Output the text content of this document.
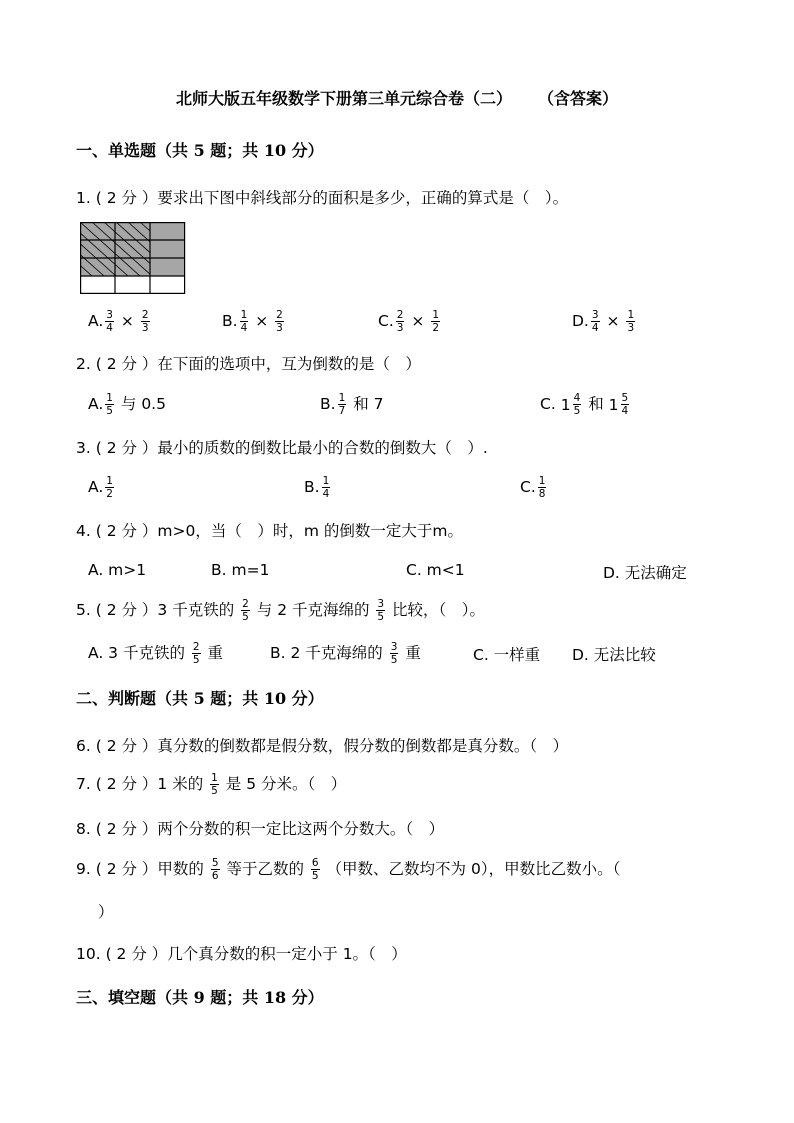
北师大版五年级数学下册第三单元综合卷（二） （含答案）
一、单选题（共 5 题；共 10 分）
1. ( 2 分 ）要求出下图中斜线部分的面积是多少，正确的算式是（　）。
A. $\frac{3}{4} \times \frac{2}{3}$	B. $\frac{1}{4} \times \frac{2}{3}$	C. $\frac{2}{3} \times \frac{1}{2}$	D. $\frac{3}{4} \times \frac{1}{3}$
2. ( 2 分 ）在下面的选项中，互为倒数的是（　）
A. $\frac{1}{5}$ 与 0.5	B. $\frac{1}{7}$ 和 7	C. $1 \frac{4}{5}$ 和 $1 \frac{5}{4}$
3. ( 2 分 ）最小的质数的倒数比最小的合数的倒数大（　）.
A. $\frac{1}{2}$	B. $\frac{1}{4}$	C. $\frac{1}{8}$
4. ( 2 分 ）m>0，当（　）时，m 的倒数一定大于m。
A. m>1	B. m=1	C. m<1	D. 无法确定
5. ( 2 分 ）3 千克铁的 $\frac{2}{5}$ 与 2 千克海绵的 $\frac{3}{5}$ 比较，（　）。
A. 3 千克铁的 $\frac{2}{5}$ 重	B. 2 千克海绵的 $\frac{3}{5}$ 重	C. 一样重 D. 无法比较
二、判断题（共 5 题；共 10 分）
6. ( 2 分 ）真分数的倒数都是假分数，假分数的倒数都是真分数。（　）
7. ( 2 分 ）1 米的 $\frac{1}{5}$ 是 5 分米。（　）
8. ( 2 分 ）两个分数的积一定比这两个分数大。（　）
9. ( 2 分 ）甲数的 $\frac{5}{6}$ 等于乙数的 $\frac{6}{5}$ （甲数、乙数均不为 0），甲数比乙数小。（
）
10. ( 2 分 ）几个真分数的积一定小于 1。（　）
三、填空题（共 9 题；共 18 分）
